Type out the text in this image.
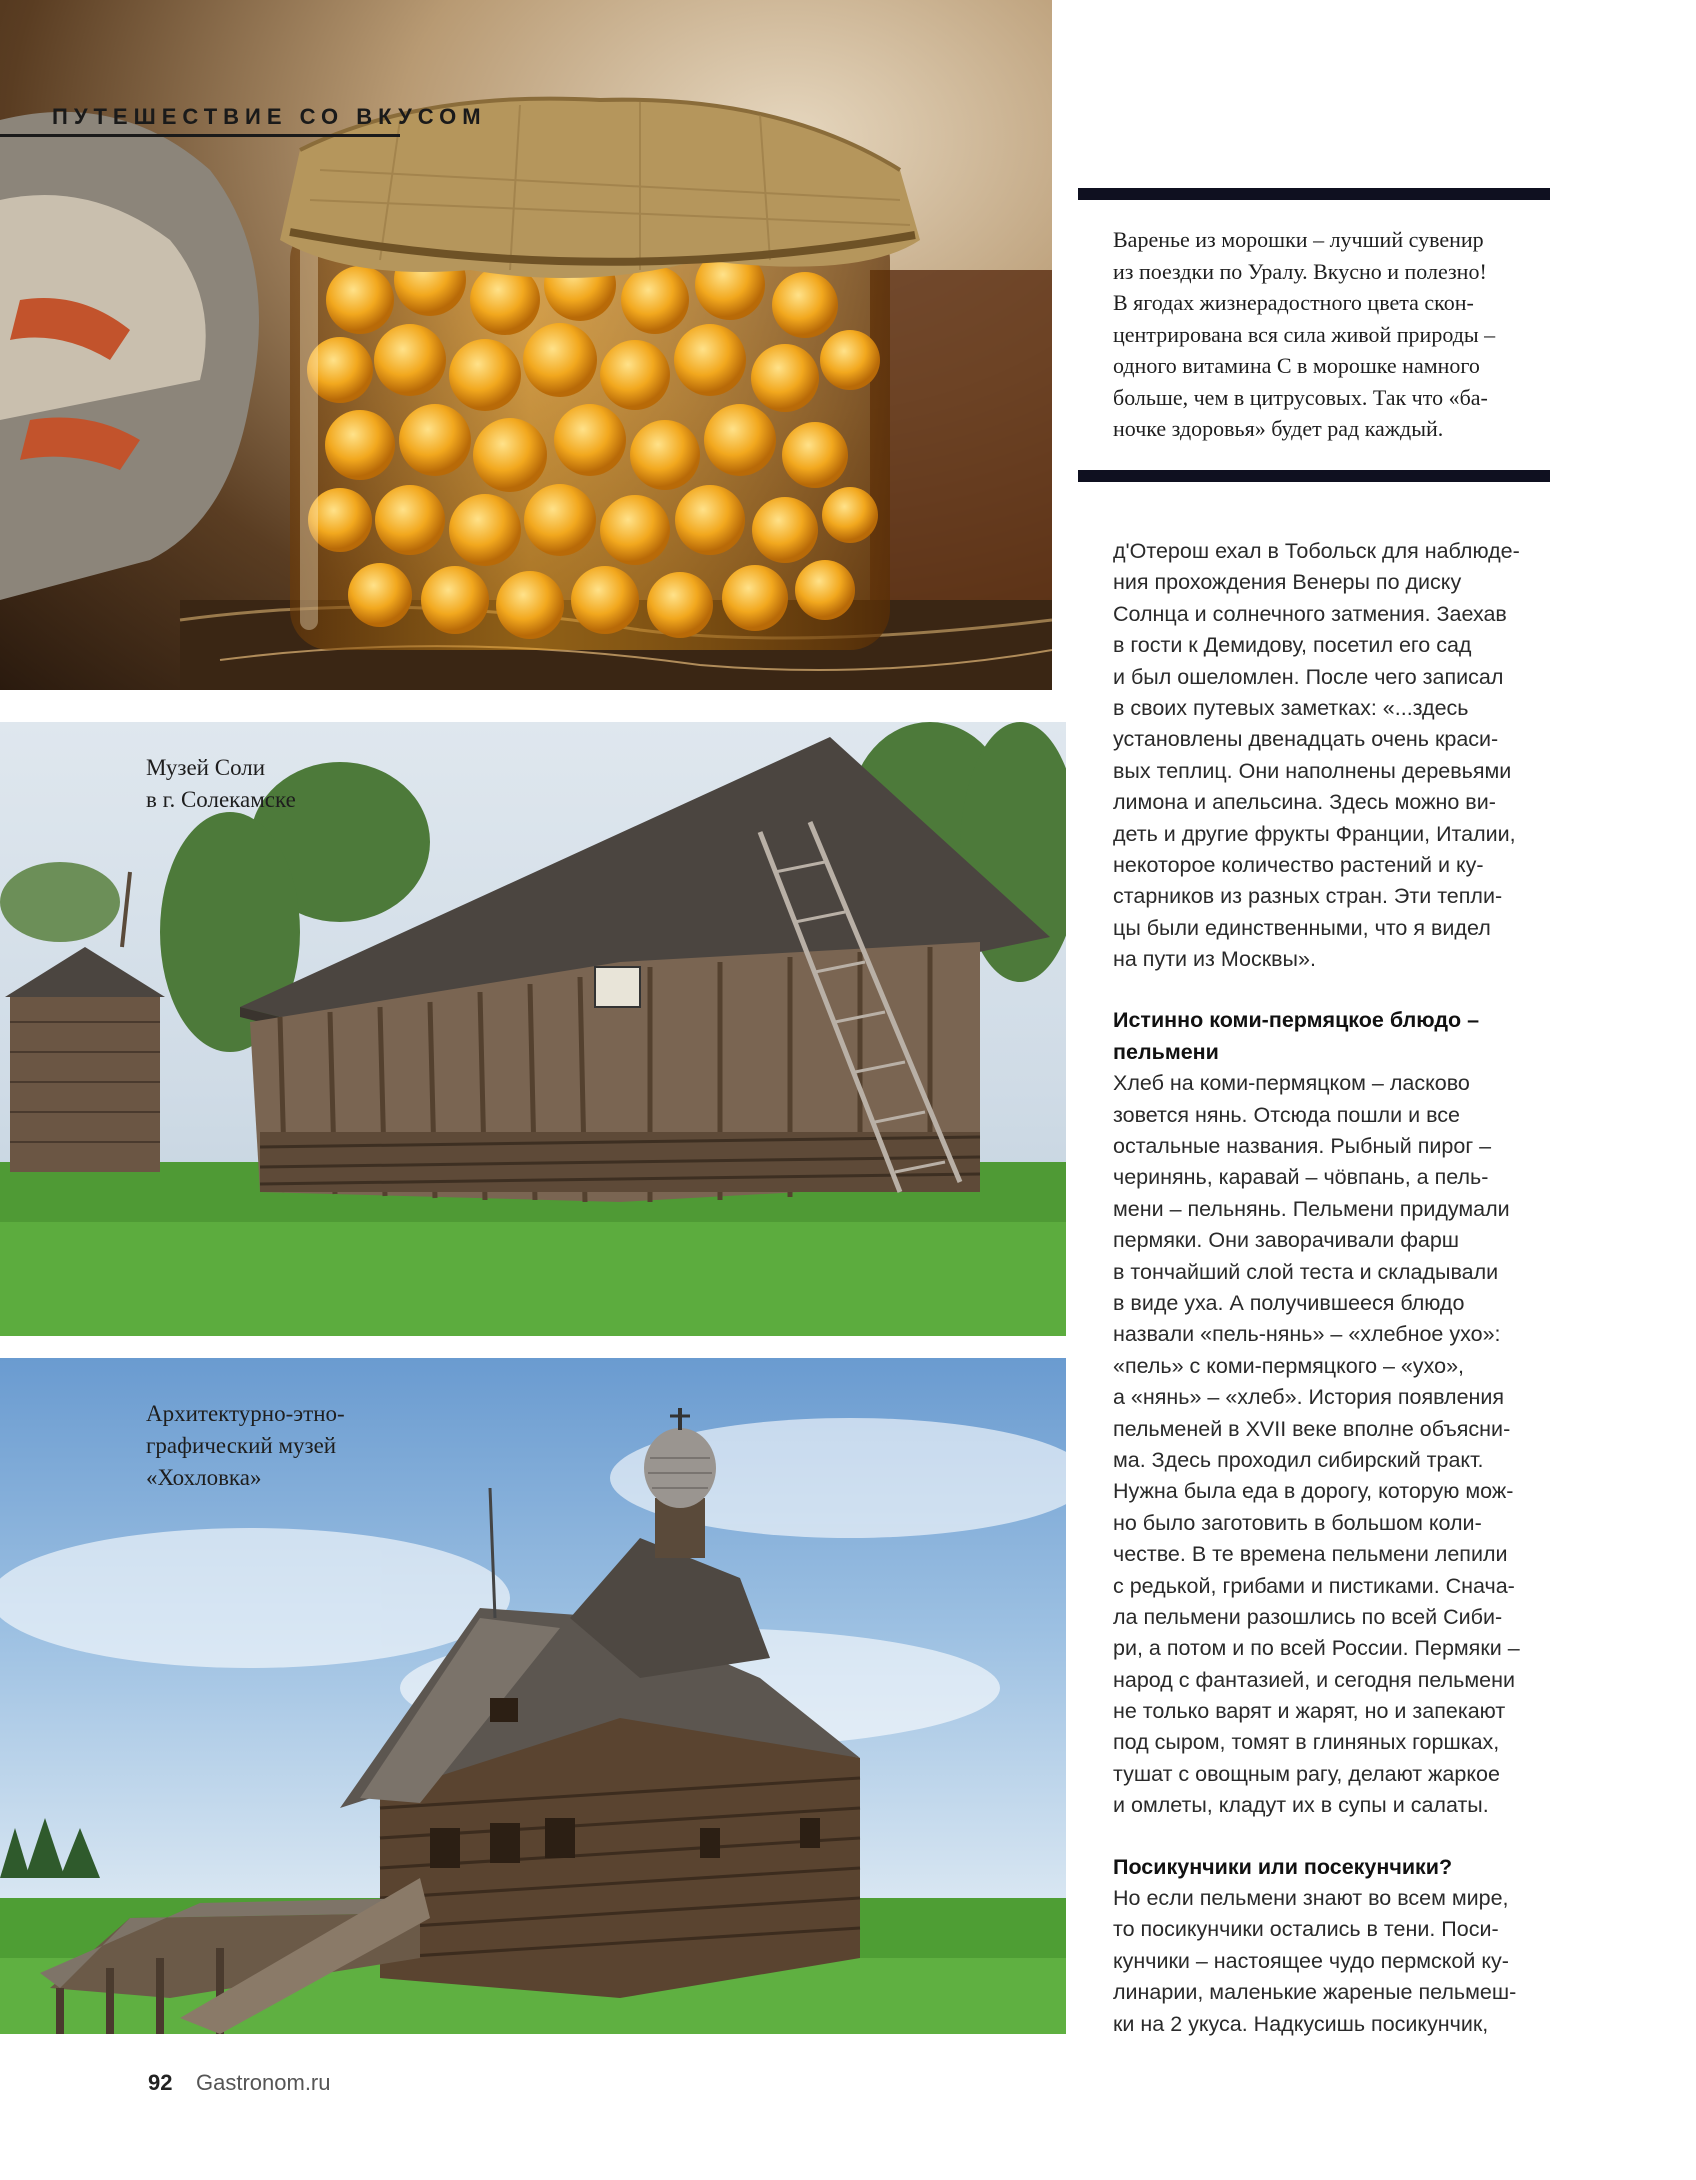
ПУТЕШЕСТВИЕ СО ВКУСОМ
Музей Соли
в г. Солекамске
Архитектурно-этно-
графический музей
«Хохловка»
Варенье из морошки – лучший сувенир
из поездки по Уралу. Вкусно и полезно!
В ягодах жизнерадостного цвета скон-
центрирована вся сила живой природы –
одного витамина С в морошке намного
больше, чем в цитрусовых. Так что «ба-
ночке здоровья» будет рад каждый.
д'Отерош ехал в Тобольск для наблюде-
ния прохождения Венеры по диску
Солнца и солнечного затмения. Заехав
в гости к Демидову, посетил его сад
и был ошеломлен. После чего записал
в своих путевых заметках: «...здесь
установлены двенадцать очень краси-
вых теплиц. Они наполнены деревьями
лимона и апельсина. Здесь можно ви-
деть и другие фрукты Франции, Италии,
некоторое количество растений и ку-
старников из разных стран. Эти тепли-
цы были единственными, что я видел
на пути из Москвы».
Истинно коми-пермяцкое блюдо –
пельмени
Хлеб на коми-пермяцком – ласково
зовется нянь. Отсюда пошли и все
остальные названия. Рыбный пирог –
черинянь, каравай – чӧвпань, а пель-
мени – пельнянь. Пельмени придумали
пермяки. Они заворачивали фарш
в тончайший слой теста и складывали
в виде уха. А получившееся блюдо
назвали «пель-нянь» – «хлебное ухо»:
«пель» с коми-пермяцкого – «ухо»,
а «нянь» – «хлеб». История появления
пельменей в XVII веке вполне объясни-
ма. Здесь проходил сибирский тракт.
Нужна была еда в дорогу, которую мож-
но было заготовить в большом коли-
честве. В те времена пельмени лепили
с редькой, грибами и пистиками. Снача-
ла пельмени разошлись по всей Сиби-
ри, а потом и по всей России. Пермяки –
народ с фантазией, и сегодня пельмени
не только варят и жарят, но и запекают
под сыром, томят в глиняных горшках,
тушат с овощным рагу, делают жаркое
и омлеты, кладут их в супы и салаты.
Посикунчики или посекунчики?
Но если пельмени знают во всем мире,
то посикунчики остались в тени. Поси-
кунчики – настоящее чудо пермской ку-
линарии, маленькие жареные пельмеш-
ки на 2 укуса. Надкусишь посикунчик,
92 Gastronom.ru
